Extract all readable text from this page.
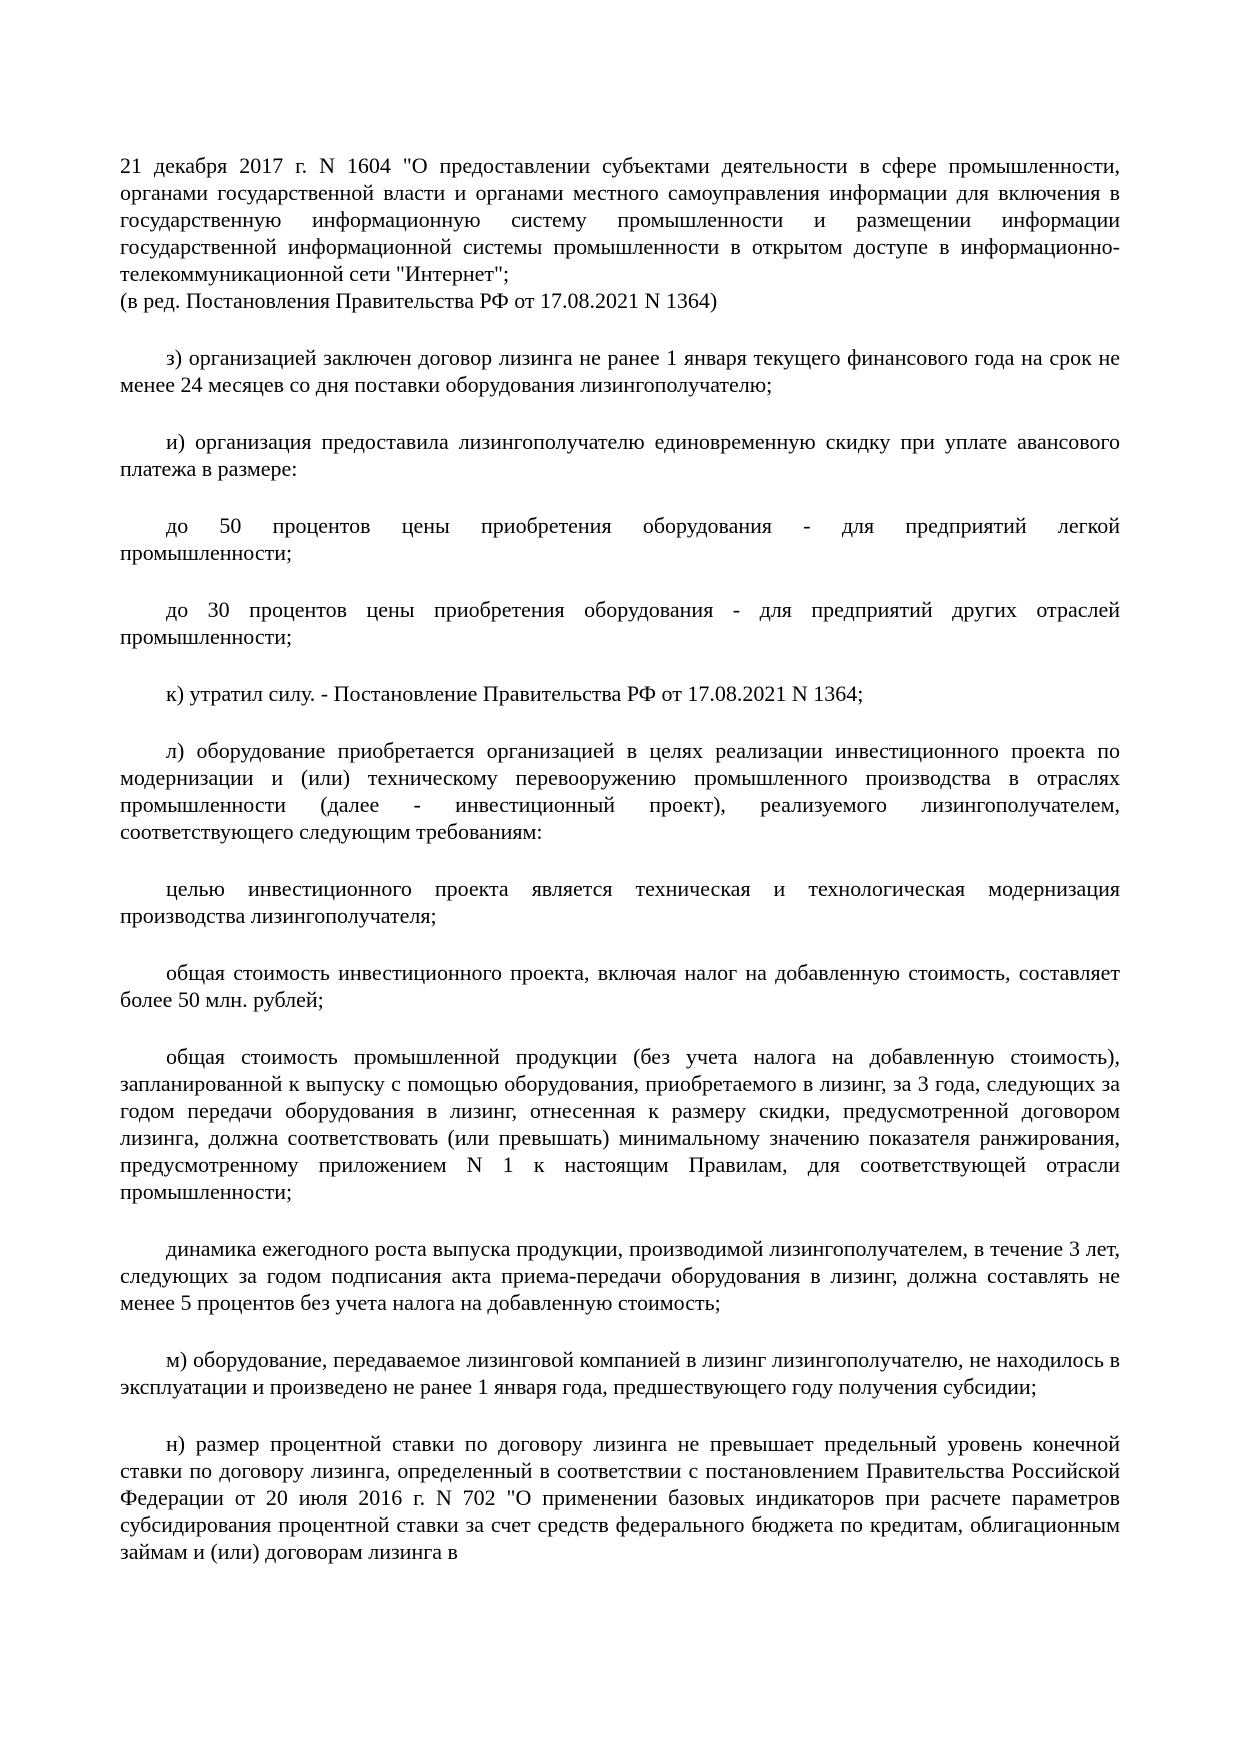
21 декабря 2017 г. N 1604 "О предоставлении субъектами деятельности в сфере промышленности, органами государственной власти и органами местного самоуправления информации для включения в государственную информационную систему промышленности и размещении информации государственной информационной системы промышленности в открытом доступе в информационно-телекоммуникационной сети "Интернет";

(в ред. Постановления Правительства РФ от 17.08.2021 N 1364)

з) организацией заключен договор лизинга не ранее 1 января текущего финансового года на срок не менее 24 месяцев со дня поставки оборудования лизингополучателю;

и) организация предоставила лизингополучателю единовременную скидку при уплате авансового платежа в размере:

до 50 процентов цены приобретения оборудования - для предприятий легкой промышленности;

до 30 процентов цены приобретения оборудования - для предприятий других отраслей промышленности;

к) утратил силу. - Постановление Правительства РФ от 17.08.2021 N 1364;

л) оборудование приобретается организацией в целях реализации инвестиционного проекта по модернизации и (или) техническому перевооружению промышленного производства в отраслях промышленности (далее - инвестиционный проект), реализуемого лизингополучателем, соответствующего следующим требованиям:

целью инвестиционного проекта является техническая и технологическая модернизация производства лизингополучателя;

общая стоимость инвестиционного проекта, включая налог на добавленную стоимость, составляет более 50 млн. рублей;

общая стоимость промышленной продукции (без учета налога на добавленную стоимость), запланированной к выпуску с помощью оборудования, приобретаемого в лизинг, за 3 года, следующих за годом передачи оборудования в лизинг, отнесенная к размеру скидки, предусмотренной договором лизинга, должна соответствовать (или превышать) минимальному значению показателя ранжирования, предусмотренному приложением N 1 к настоящим Правилам, для соответствующей отрасли промышленности;

динамика ежегодного роста выпуска продукции, производимой лизингополучателем, в течение 3 лет, следующих за годом подписания акта приема-передачи оборудования в лизинг, должна составлять не менее 5 процентов без учета налога на добавленную стоимость;

м) оборудование, передаваемое лизинговой компанией в лизинг лизингополучателю, не находилось в эксплуатации и произведено не ранее 1 января года, предшествующего году получения субсидии;

н) размер процентной ставки по договору лизинга не превышает предельный уровень конечной ставки по договору лизинга, определенный в соответствии с постановлением Правительства Российской Федерации от 20 июля 2016 г. N 702 "О применении базовых индикаторов при расчете параметров субсидирования процентной ставки за счет средств федерального бюджета по кредитам, облигационным займам и (или) договорам лизинга в
